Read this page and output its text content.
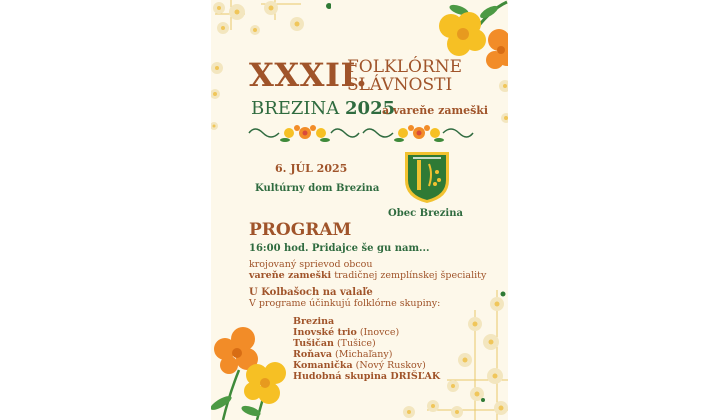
XXXII.
FOLKLÓRNE
SLÁVNOSTI
BREZINA 2025
a vareňe zameški
6. JÚL 2025
Kultúrny dom Brezina
Obec Brezina
PROGRAM
16:00 hod. Pridajce še gu nam...
krojovaný sprievod obcou
vareňe zameški tradičnej zemplínskej špeciality
U Kolbašoch na valaľe
V programe účinkujú folklórne skupiny:
Brezina
Inovské trio (Inovce)
Tušičan (Tušice)
Roňava (Michaľany)
Komanička (Nový Ruskov)
Hudobná skupina DRIŠĽAK
